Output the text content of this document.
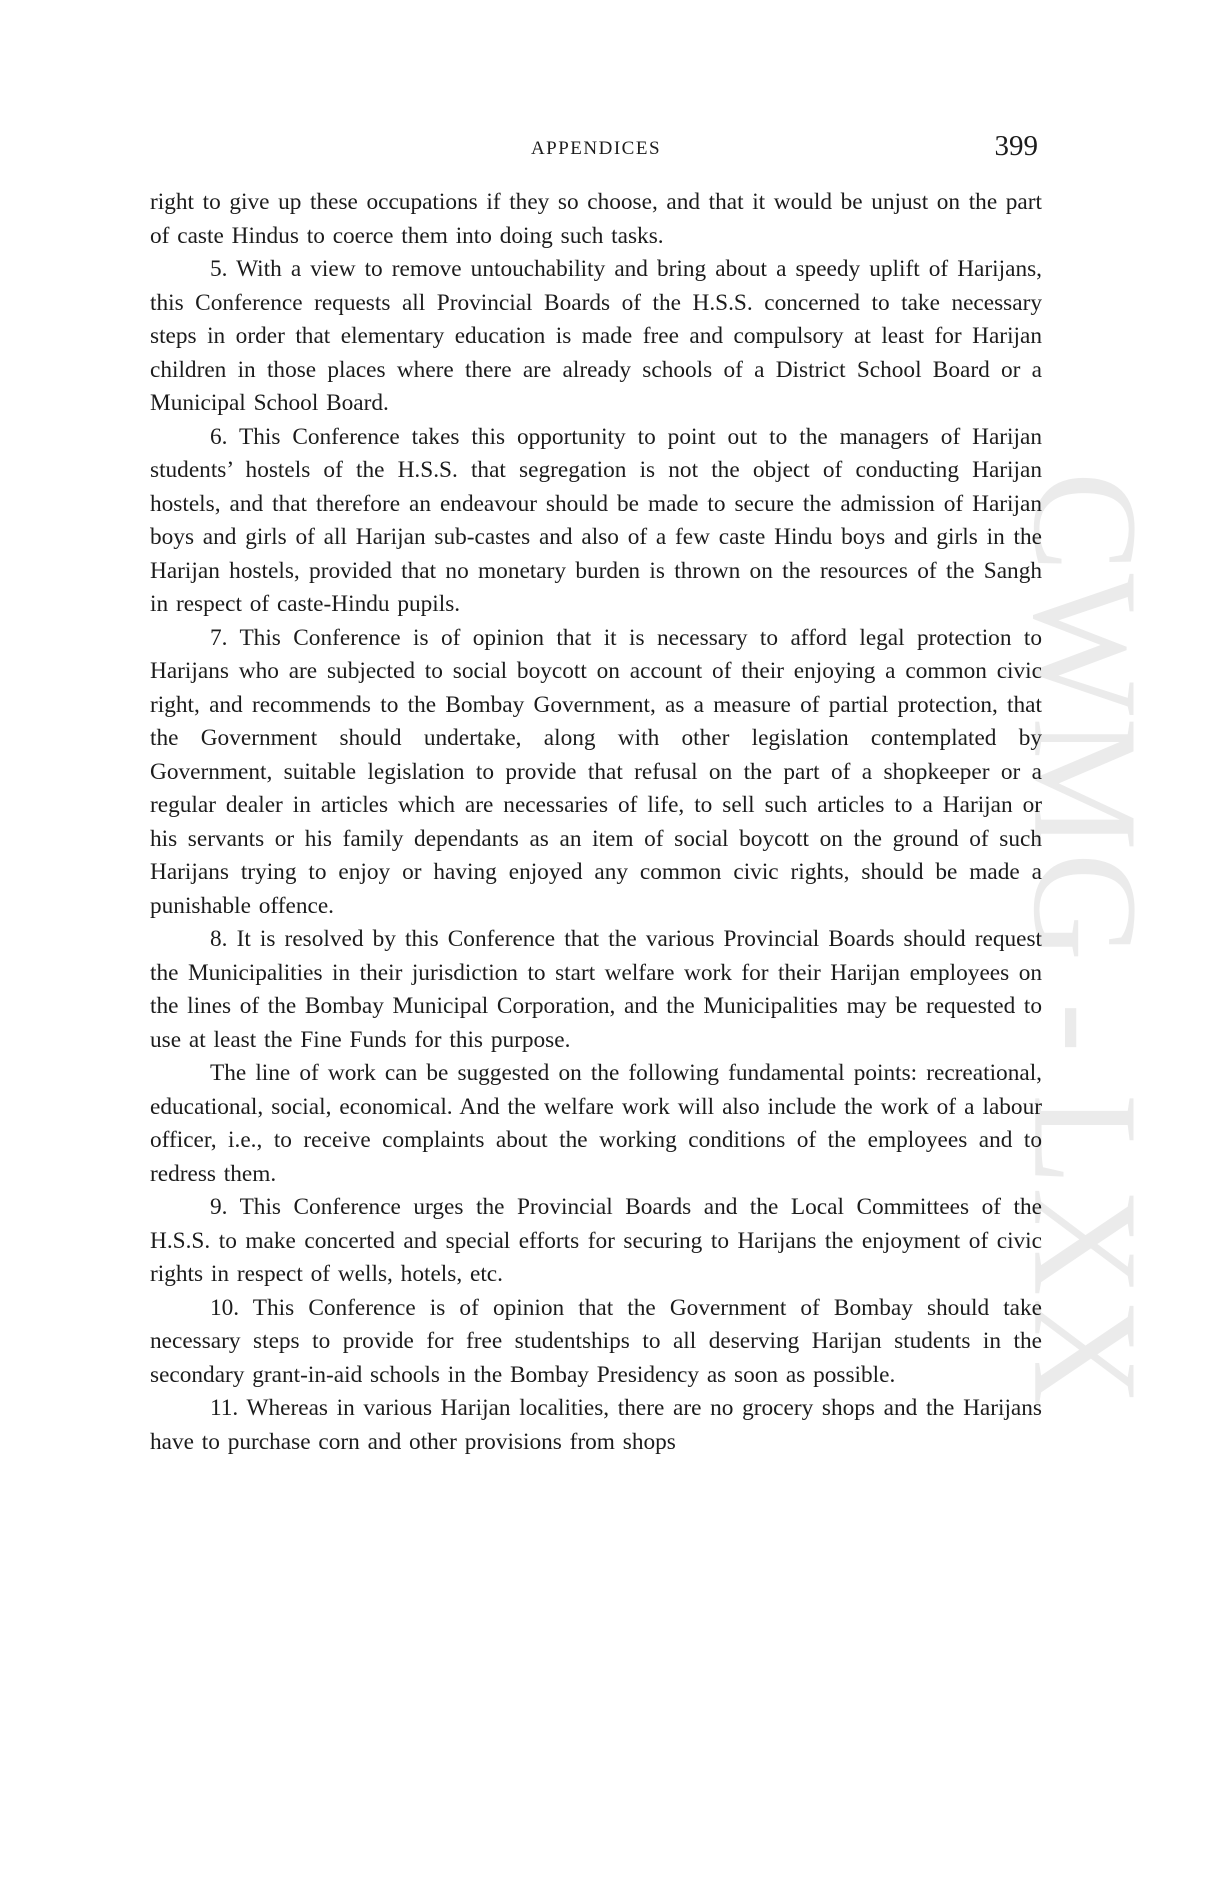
APPENDICES	399
CWMG - LXX

right to give up these occupations if they so choose, and that it would be unjust on the part of caste Hindus to coerce them into doing such tasks.

5. With a view to remove untouchability and bring about a speedy uplift of Harijans, this Conference requests all Provincial Boards of the H.S.S. concerned to take necessary steps in order that elementary education is made free and compulsory at least for Harijan children in those places where there are already schools of a District School Board or a Municipal School Board.

6. This Conference takes this opportunity to point out to the managers of Harijan students’ hostels of the H.S.S. that segregation is not the object of conducting Harijan hostels, and that therefore an endeavour should be made to secure the admission of Harijan boys and girls of all Harijan sub-castes and also of a few caste Hindu boys and girls in the Harijan hostels, provided that no monetary burden is thrown on the resources of the Sangh in respect of caste-Hindu pupils.

7. This Conference is of opinion that it is necessary to afford legal protection to Harijans who are subjected to social boycott on account of their enjoying a common civic right, and recommends to the Bombay Government, as a measure of partial protection, that the Government should undertake, along with other legislation contemplated by Government, suitable legislation to provide that refusal on the part of a shopkeeper or a regular dealer in articles which are necessaries of life, to sell such articles to a Harijan or his servants or his family dependants as an item of social boycott on the ground of such Harijans trying to enjoy or having enjoyed any common civic rights, should be made a punishable offence.

8. It is resolved by this Conference that the various Provincial Boards should request the Municipalities in their jurisdiction to start welfare work for their Harijan employees on the lines of the Bombay Municipal Corporation, and the Municipalities may be requested to use at least the Fine Funds for this purpose.

The line of work can be suggested on the following fundamental points: recreational, educational, social, economical. And the welfare work will also include the work of a labour officer, i.e., to receive complaints about the working conditions of the employees and to redress them.

9. This Conference urges the Provincial Boards and the Local Committees of the H.S.S. to make concerted and special efforts for securing to Harijans the enjoyment of civic rights in respect of wells, hotels, etc.

10. This Conference is of opinion that the Government of Bombay should take necessary steps to provide for free studentships to all deserving Harijan students in the secondary grant-in-aid schools in the Bombay Presidency as soon as possible.

11. Whereas in various Harijan localities, there are no grocery shops and the Harijans have to purchase corn and other provisions from shops
